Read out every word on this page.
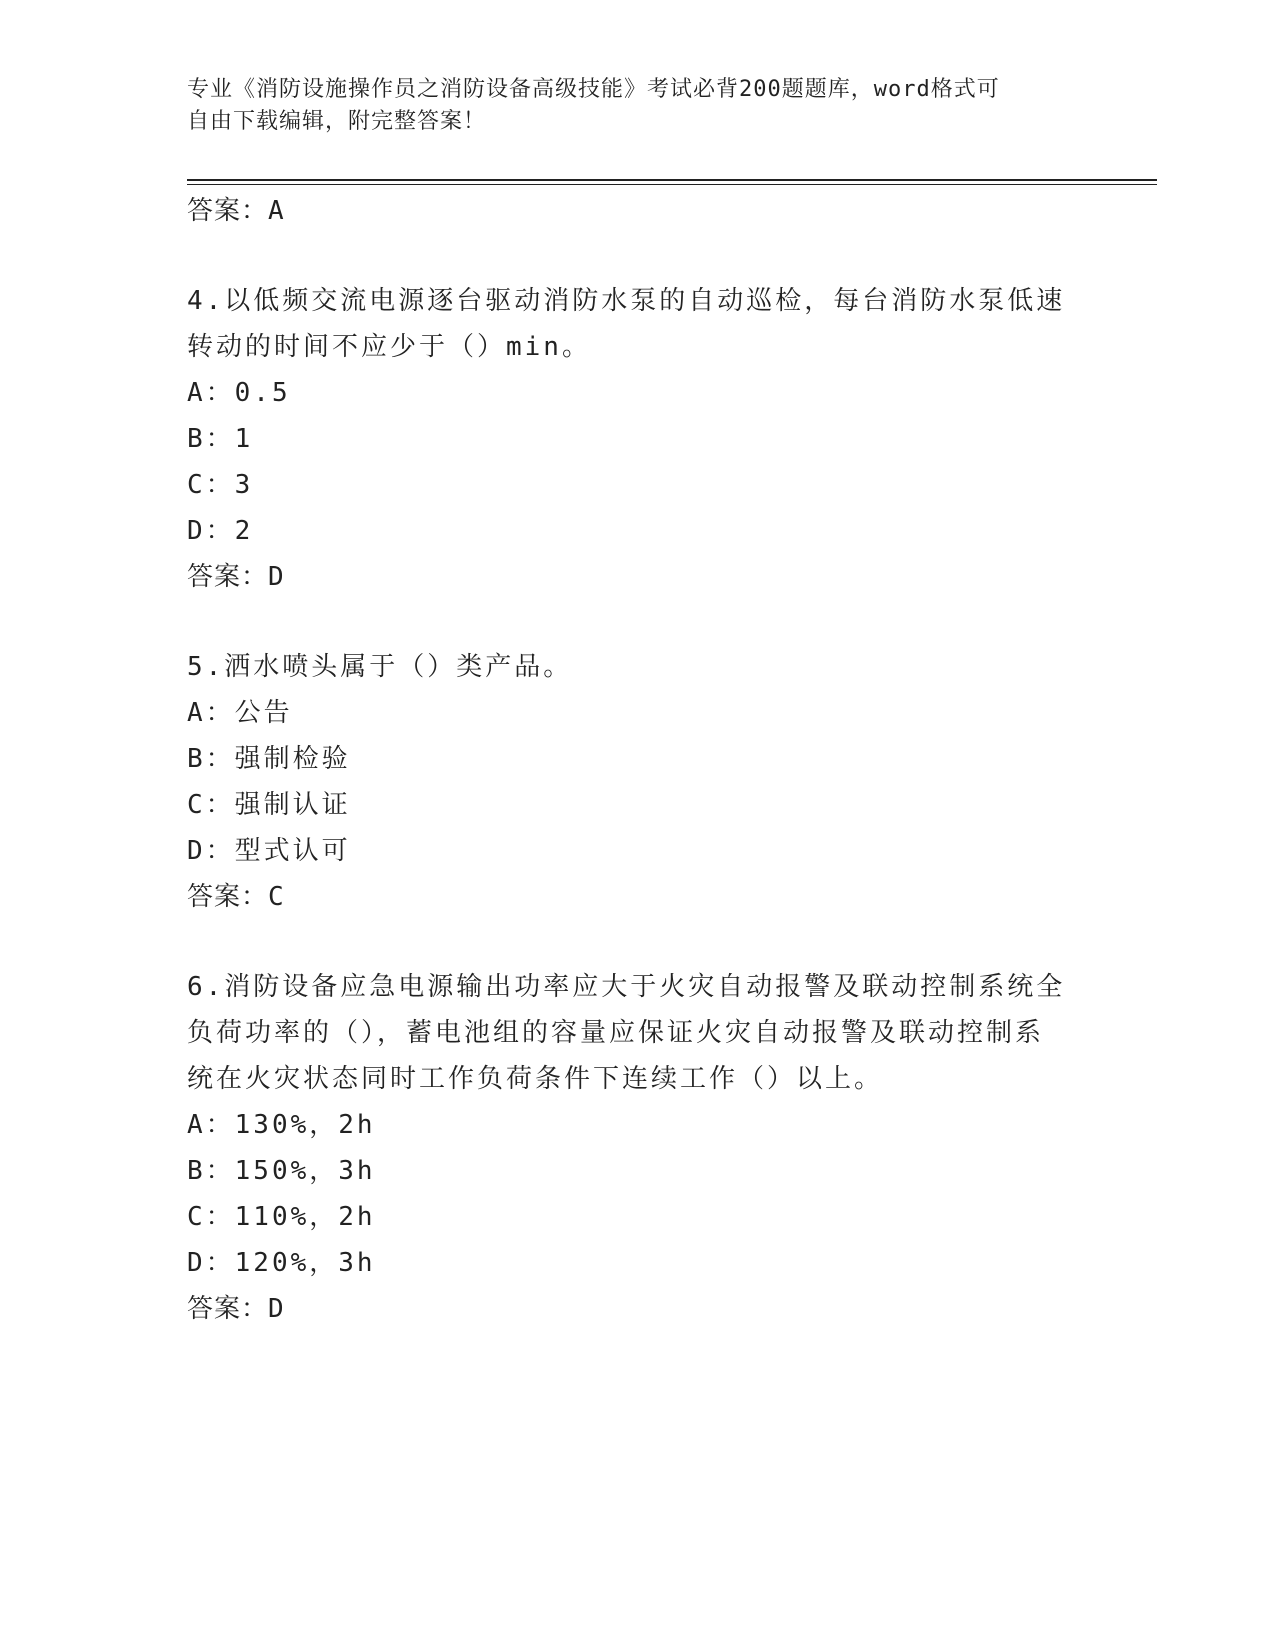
专业《消防设施操作员之消防设备高级技能》考试必背200题题库，word格式可
自由下载编辑，附完整答案！
答案：A
4.以低频交流电源逐台驱动消防水泵的自动巡检，每台消防水泵低速转动的时间不应少于（）min。
A：0.5
B：1
C：3
D：2
答案：D
5.洒水喷头属于（）类产品。
A：公告
B：强制检验
C：强制认证
D：型式认可
答案：C
6.消防设备应急电源输出功率应大于火灾自动报警及联动控制系统全负荷功率的（），蓄电池组的容量应保证火灾自动报警及联动控制系统在火灾状态同时工作负荷条件下连续工作（）以上。
A：130%，2h
B：150%，3h
C：110%，2h
D：120%，3h
答案：D
